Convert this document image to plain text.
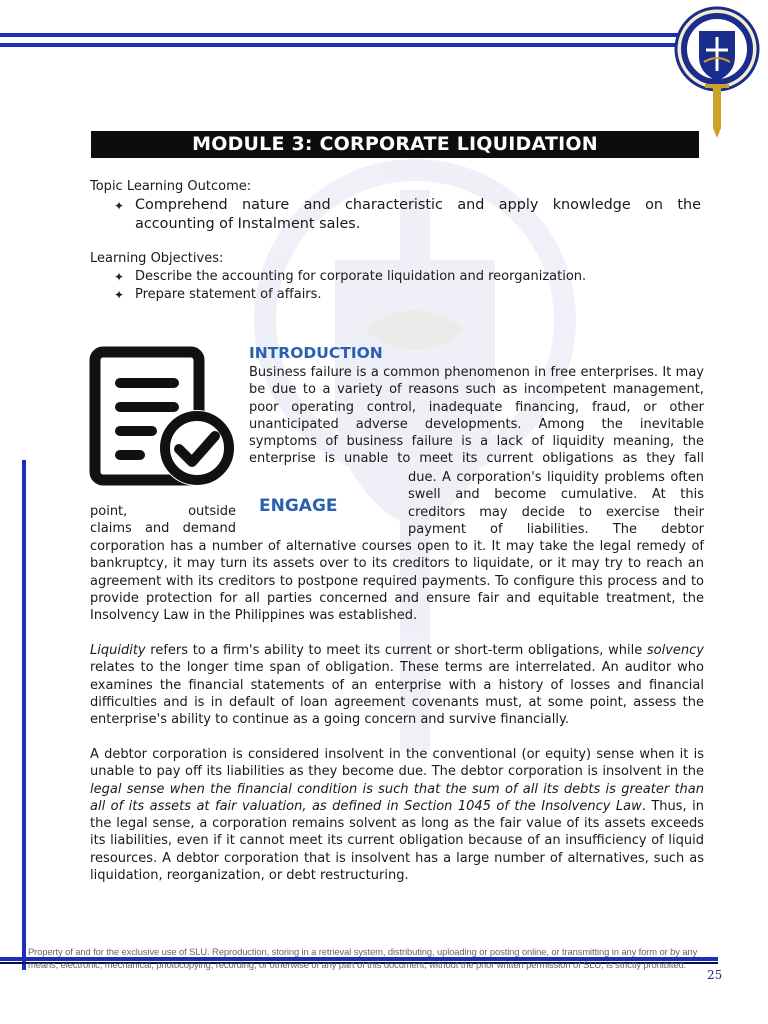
MODULE 3: CORPORATE LIQUIDATION
Topic Learning Outcome:
✦ Comprehend nature and characteristic and apply knowledge on the accounting of Instalment sales.
Learning Objectives:
✦ Describe the accounting for corporate liquidation and reorganization.
✦ Prepare statement of affairs.
INTRODUCTION
Business failure is a common phenomenon in free enterprises. It may be due to a variety of reasons such as incompetent management, poor operating control, inadequate financing, fraud, or other unanticipated adverse developments. Among the inevitable symptoms of business failure is a lack of liquidity meaning, the enterprise is unable to meet its current obligations as they fall
ENGAGE
due. A corporation's liquidity problems often swell and become cumulative. At this creditors may decide to exercise their payment of liabilities. The debtor
point, outside
claims and demand
corporation has a number of alternative courses open to it. It may take the legal remedy of bankruptcy, it may turn its assets over to its creditors to liquidate, or it may try to reach an agreement with its creditors to postpone required payments. To configure this process and to provide protection for all parties concerned and ensure fair and equitable treatment, the Insolvency Law in the Philippines was established.
Liquidity refers to a firm's ability to meet its current or short-term obligations, while solvency relates to the longer time span of obligation. These terms are interrelated. An auditor who examines the financial statements of an enterprise with a history of losses and financial difficulties and is in default of loan agreement covenants must, at some point, assess the enterprise's ability to continue as a going concern and survive financially.
A debtor corporation is considered insolvent in the conventional (or equity) sense when it is unable to pay off its liabilities as they become due. The debtor corporation is insolvent in the legal sense when the financial condition is such that the sum of all its debts is greater than all of its assets at fair valuation, as defined in Section 1045 of the Insolvency Law. Thus, in the legal sense, a corporation remains solvent as long as the fair value of its assets exceeds its liabilities, even if it cannot meet its current obligation because of an insufficiency of liquid resources. A debtor corporation that is insolvent has a large number of alternatives, such as liquidation, reorganization, or debt restructuring.
Property of and for the exclusive use of SLU. Reproduction, storing in a retrieval system, distributing, uploading or posting online, or transmitting in any form or by any means, electronic, mechanical, photocopying, recording, or otherwise of any part of this document, without the prior written permission of SLU, is strictly prohibited.
25
